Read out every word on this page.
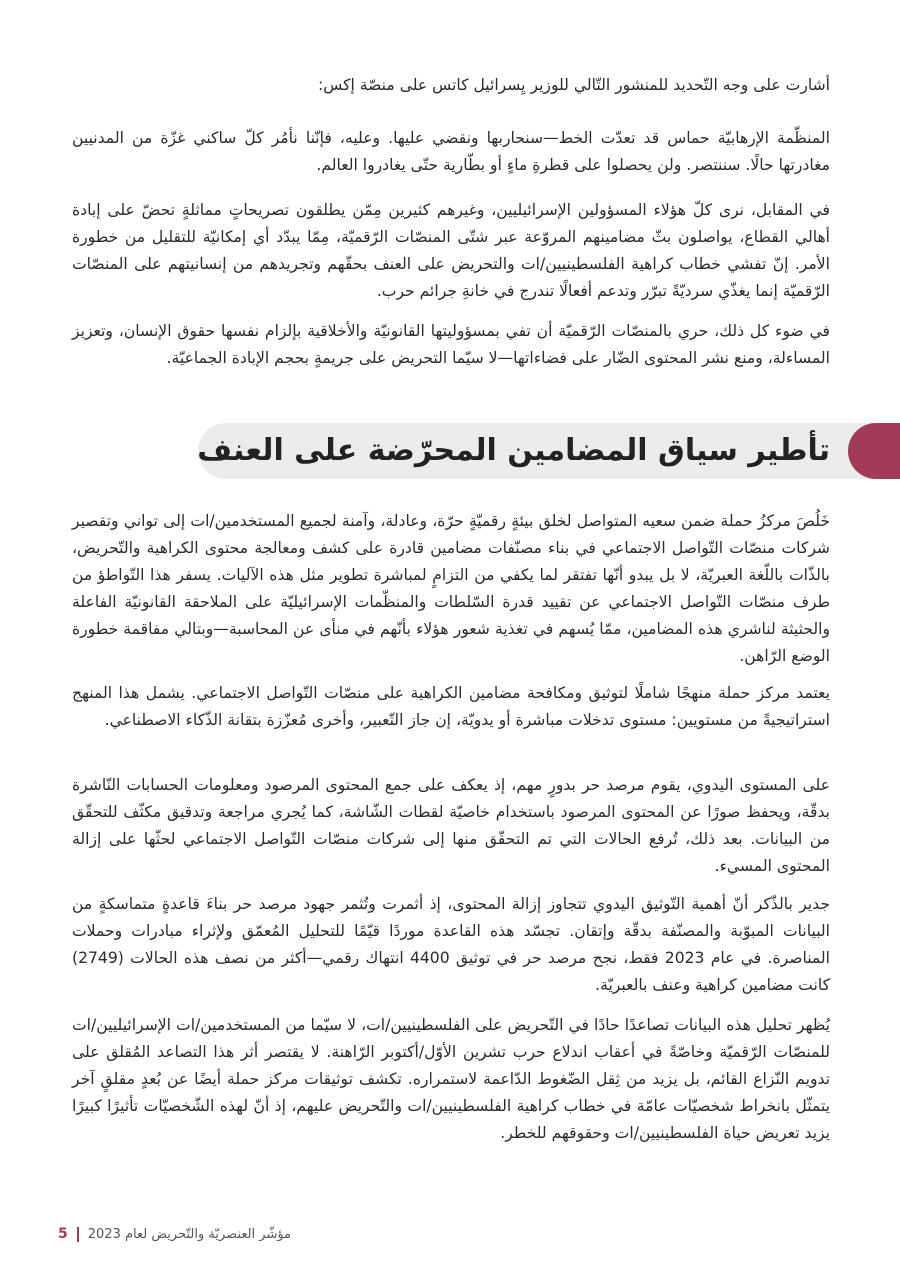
أشارت على وجه التّحديد للمنشور التّالي للوزير يِسرائيل كاتس على منصّة إكس:

المنظّمة الإرهابيّة حماس قد تعدّت الخط—سنحاربها ونقضي عليها. وعليه، فإنّنا نأمُر كلّ ساكني غزّة من المدنيين مغادرتها حالًا. سننتصر. ولن يحصلوا على قطرةِ ماءٍ أو بطّارية حتّى يغادروا العالم.

في المقابل، نرى كلّ هؤلاء المسؤولين الإسرائيليين، وغيرهم كثيرين مِمّن يطلقون تصريحاتٍ مماثلةٍ تحضّ على إبادة أهالي القطاع، يواصلون بثّ مضامينهم المروّعة عبر شتّى المنصّات الرّقميّة، مِمّا يبدّد أي إمكانيّة للتقليل من خطورة الأمر. إنّ تفشي خطاب كراهية الفلسطينيين/ات والتحريض على العنف بحقّهم وتجريدهم من إنسانيتهم على المنصّات الرّقميّة إنما يغذّي سرديّةً تبرّر وتدعم أفعالًا تندرج في خانةِ جرائم حرب.

في ضوء كل ذلك، حري بالمنصّات الرّقميّة أن تفي بمسؤوليتها القانونيّة والأخلاقية بإلزام نفسها حقوق الإنسان، وتعزيز المساءلة، ومنع نشر المحتوى الضّار على فضاءاتها—لا سيّما التحريض على جريمةٍ بحجم الإبادة الجماعيّة.

تأطير سياق المضامين المحرّضة على العنف

خَلُصَ مركزُ حملة ضمن سعيه المتواصل لخلق بيئةٍ رقميّةٍ حرّة، وعادلة، وآمنة لجميع المستخدمين/ات إلى تواني وتقصير شركات منصّات التّواصل الاجتماعي في بناء مصنّفات مضامين قادرة على كشف ومعالجة محتوى الكراهية والتّحريض، بالذّات باللّغة العبريّة، لا بل يبدو أنّها تفتقر لما يكفي من التزامٍ لمباشرة تطوير مثل هذه الآليات. يسفر هذا التّواطؤ من طرف منصّات التّواصل الاجتماعي عن تقييد قدرة السّلطات والمنظّمات الإسرائيليّة على الملاحقة القانونيّة الفاعلة والحثيثة لناشري هذه المضامين، ممّا يُسهم في تغذية شعور هؤلاء بأنّهم في منأى عن المحاسبة—وبتالي مفاقمة خطورة الوضع الرّاهن.

يعتمد مركز حملة منهجًا شاملًا لتوثيق ومكافحة مضامين الكراهية على منصّات التّواصل الاجتماعي. يشمل هذا المنهج استراتيجيةً من مستويين: مستوى تدخلات مباشرة أو يدويّة، إن جاز التّعبير، وأخرى مُعزّزة بتقانة الذّكاء الاصطناعي.

على المستوى اليدوي، يقوم مرصد حر بدورٍ مهم، إذ يعكف على جمع المحتوى المرصود ومعلومات الحسابات النّاشرة بدقّة، ويحفظ صورًا عن المحتوى المرصود باستخدام خاصيّة لقطات الشّاشة، كما يُجري مراجعة وتدقيق مكثّف للتحقّق من البيانات. بعد ذلك، تُرفع الحالات التي تم التحقّق منها إلى شركات منصّات التّواصل الاجتماعي لحثّها على إزالة المحتوى المسيء.

جدير بالذّكر أنّ أهمية التّوثيق اليدوي تتجاوز إزالة المحتوى، إذ أثمرت وتُثمر جهود مرصد حر بناءَ قاعدةٍ متماسكةٍ من البيانات المبوّبة والمصنّفة بدقّة وإتقان. تجسّد هذه القاعدة موردًا قيّمًا للتحليل المُعمّق ولإثراء مبادرات وحملات المناصرة. في عام 2023 فقط، نجح مرصد حر في توثيق 4400 انتهاك رقمي—أكثر من نصف هذه الحالات (2749) كانت مضامين كراهية وعنف بالعبريّة.

يُظهر تحليل هذه البيانات تصاعدًا حادًا في التّحريض على الفلسطينيين/ات، لا سيّما من المستخدمين/ات الإسرائيليين/ات للمنصّات الرّقميّة وخاصّةً في أعقاب اندلاع حرب تشرين الأوّل/أكتوبر الرّاهنة. لا يقتصر أثر هذا التصاعد المُقلق على تدويم النّزاع القائم، بل يزيد من ثِقل الضّغوط الدّاعمة لاستمراره. تكشف توثيقات مركز حملة أيضًا عن بُعدٍ مقلقٍ آخر يتمثّل بانخراط شخصيّات عامّة في خطاب كراهية الفلسطينيين/ات والتّحريض عليهم، إذ أنّ لهذه الشّخصيّات تأثيرًا كبيرًا يزيد تعريض حياة الفلسطينيين/ات وحقوقهم للخطر.

5 مؤشّر العنصريّة والتّحريض لعام 2023
